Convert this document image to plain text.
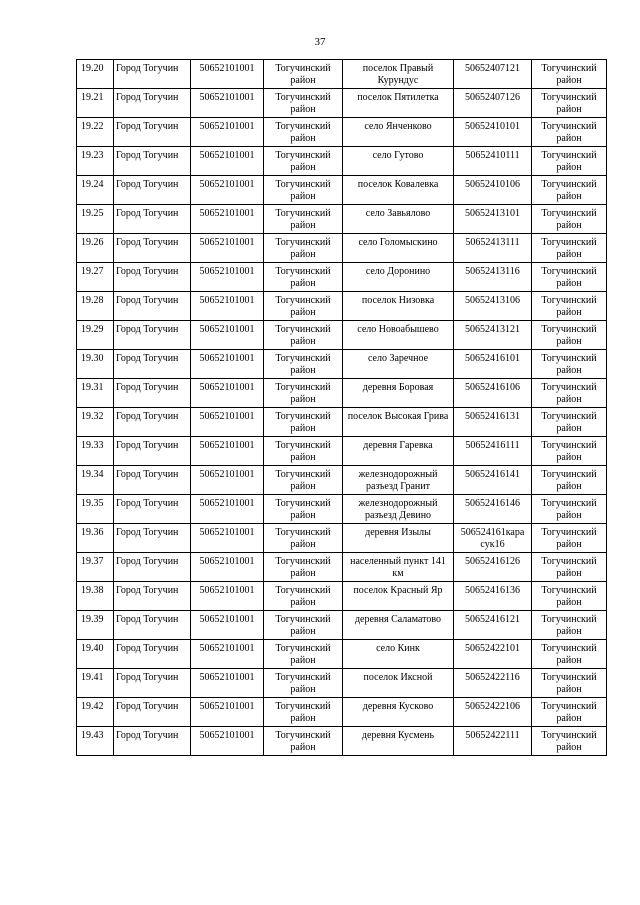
37
19.20	Город Тогучин	50652101001	Тогучинский район	поселок Правый Курундус	50652407121	Тогучинский район
19.21	Город Тогучин	50652101001	Тогучинский район	поселок Пятилетка	50652407126	Тогучинский район
19.22	Город Тогучин	50652101001	Тогучинский район	село Янченково	50652410101	Тогучинский район
19.23	Город Тогучин	50652101001	Тогучинский район	село Гутово	50652410111	Тогучинский район
19.24	Город Тогучин	50652101001	Тогучинский район	поселок Ковалевка	50652410106	Тогучинский район
19.25	Город Тогучин	50652101001	Тогучинский район	село Завьялово	50652413101	Тогучинский район
19.26	Город Тогучин	50652101001	Тогучинский район	село Голомыскино	50652413111	Тогучинский район
19.27	Город Тогучин	50652101001	Тогучинский район	село Доронино	50652413116	Тогучинский район
19.28	Город Тогучин	50652101001	Тогучинский район	поселок Низовка	50652413106	Тогучинский район
19.29	Город Тогучин	50652101001	Тогучинский район	село Новоабышево	50652413121	Тогучинский район
19.30	Город Тогучин	50652101001	Тогучинский район	село Заречное	50652416101	Тогучинский район
19.31	Город Тогучин	50652101001	Тогучинский район	деревня Боровая	50652416106	Тогучинский район
19.32	Город Тогучин	50652101001	Тогучинский район	поселок Высокая Грива	50652416131	Тогучинский район
19.33	Город Тогучин	50652101001	Тогучинский район	деревня Гаревка	50652416111	Тогучинский район
19.34	Город Тогучин	50652101001	Тогучинский район	железнодорожный разъезд Гранит	50652416141	Тогучинский район
19.35	Город Тогучин	50652101001	Тогучинский район	железнодорожный разъезд Девино	50652416146	Тогучинский район
19.36	Город Тогучин	50652101001	Тогучинский район	деревня Изылы	506524161кара сук16	Тогучинский район
19.37	Город Тогучин	50652101001	Тогучинский район	населенный пункт 141 км	50652416126	Тогучинский район
19.38	Город Тогучин	50652101001	Тогучинский район	поселок Красный Яр	50652416136	Тогучинский район
19.39	Город Тогучин	50652101001	Тогучинский район	деревня Саламатово	50652416121	Тогучинский район
19.40	Город Тогучин	50652101001	Тогучинский район	село Кинк	50652422101	Тогучинский район
19.41	Город Тогучин	50652101001	Тогучинский район	поселок Иксной	50652422116	Тогучинский район
19.42	Город Тогучин	50652101001	Тогучинский район	деревня Кусково	50652422106	Тогучинский район
19.43	Город Тогучин	50652101001	Тогучинский район	деревня Кусмень	50652422111	Тогучинский район
